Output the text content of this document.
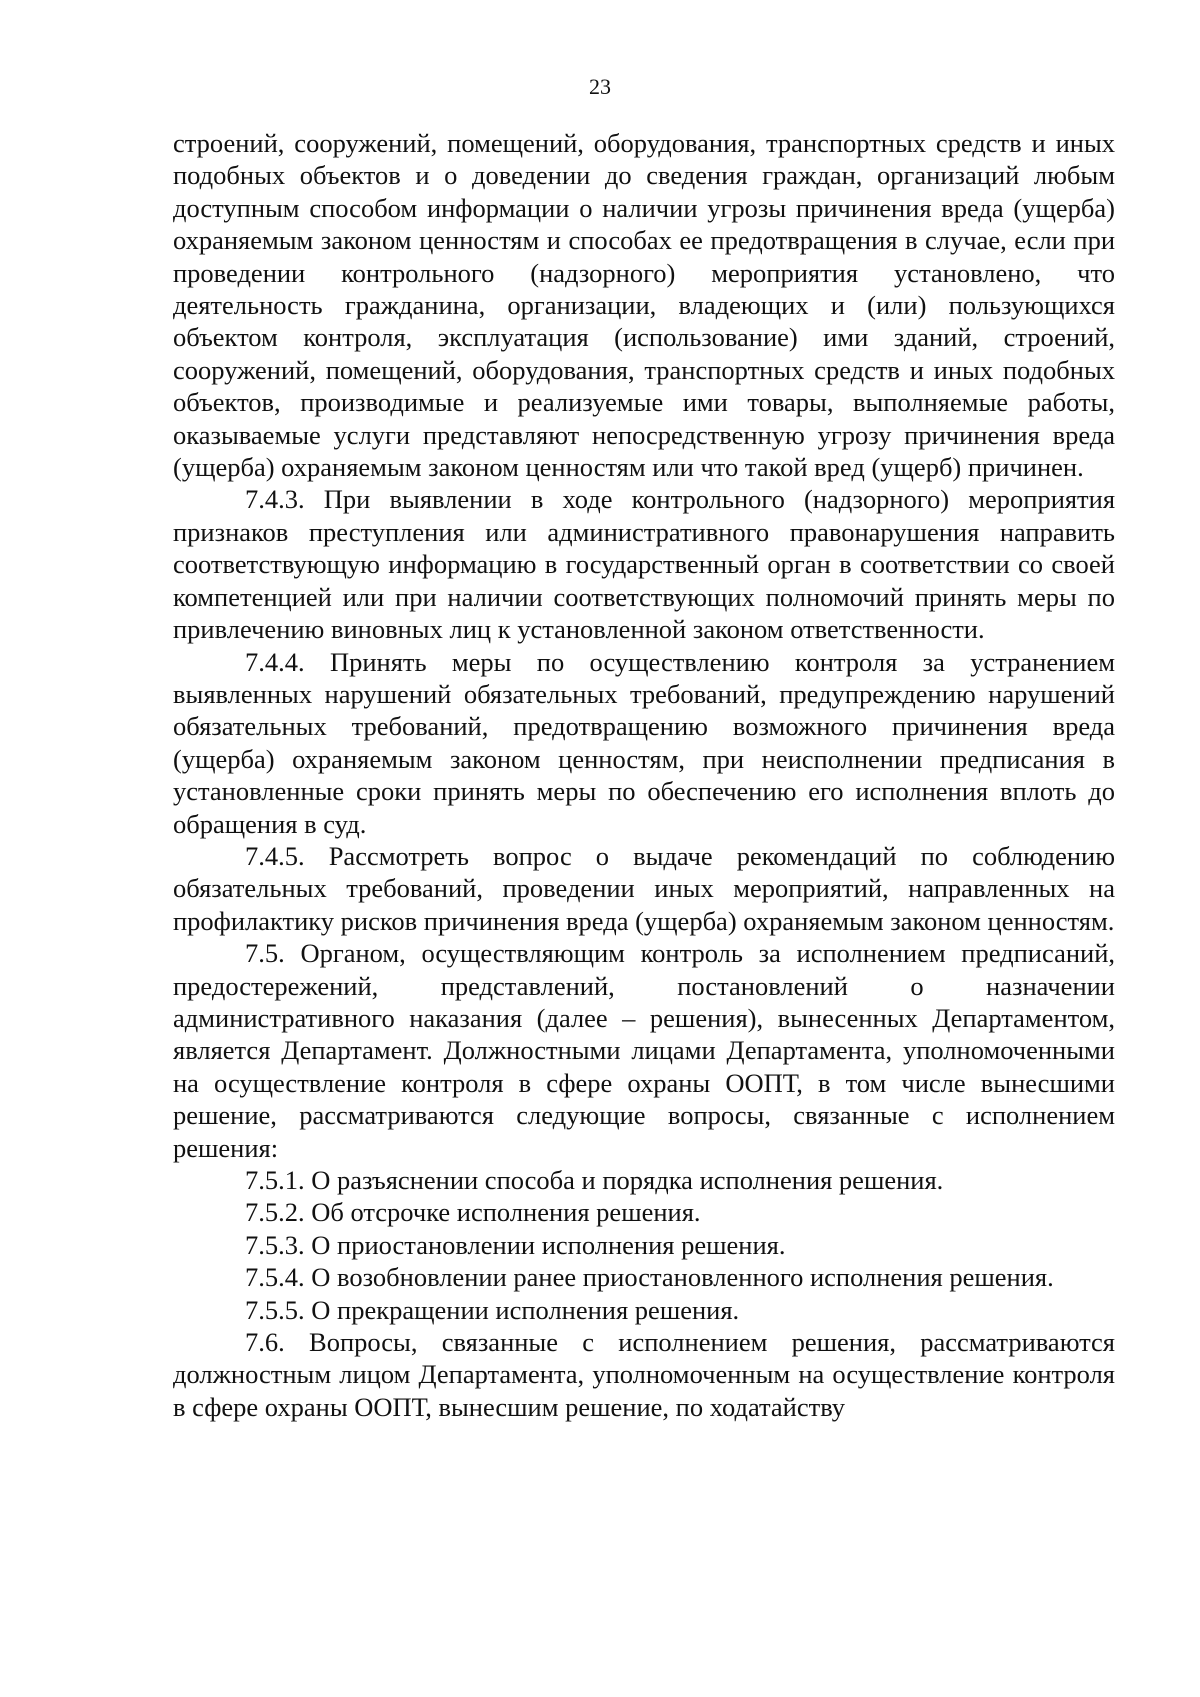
23

строений, сооружений, помещений, оборудования, транспортных средств и иных подобных объектов и о доведении до сведения граждан, организаций любым доступным способом информации о наличии угрозы причинения вреда (ущерба) охраняемым законом ценностям и способах ее предотвращения в случае, если при проведении контрольного (надзорного) мероприятия установлено, что деятельность гражданина, организации, владеющих и (или) пользующихся объектом контроля, эксплуатация (использование) ими зданий, строений, сооружений, помещений, оборудования, транспортных средств и иных подобных объектов, производимые и реализуемые ими товары, выполняемые работы, оказываемые услуги представляют непосредственную угрозу причинения вреда (ущерба) охраняемым законом ценностям или что такой вред (ущерб) причинен.

7.4.3. При выявлении в ходе контрольного (надзорного) мероприятия признаков преступления или административного правонарушения направить соответствующую информацию в государственный орган в соответствии со своей компетенцией или при наличии соответствующих полномочий принять меры по привлечению виновных лиц к установленной законом ответственности.

7.4.4. Принять меры по осуществлению контроля за устранением выявленных нарушений обязательных требований, предупреждению нарушений обязательных требований, предотвращению возможного причинения вреда (ущерба) охраняемым законом ценностям, при неисполнении предписания в установленные сроки принять меры по обеспечению его исполнения вплоть до обращения в суд.

7.4.5. Рассмотреть вопрос о выдаче рекомендаций по соблюдению обязательных требований, проведении иных мероприятий, направленных на профилактику рисков причинения вреда (ущерба) охраняемым законом ценностям.

7.5. Органом, осуществляющим контроль за исполнением предписаний, предостережений, представлений, постановлений о назначении административного наказания (далее – решения), вынесенных Департаментом, является Департамент. Должностными лицами Департамента, уполномоченными на осуществление контроля в сфере охраны ООПТ, в том числе вынесшими решение, рассматриваются следующие вопросы, связанные с исполнением решения:

7.5.1. О разъяснении способа и порядка исполнения решения.

7.5.2. Об отсрочке исполнения решения.

7.5.3. О приостановлении исполнения решения.

7.5.4. О возобновлении ранее приостановленного исполнения решения.

7.5.5. О прекращении исполнения решения.

7.6. Вопросы, связанные с исполнением решения, рассматриваются должностным лицом Департамента, уполномоченным на осуществление контроля в сфере охраны ООПТ, вынесшим решение, по ходатайству
